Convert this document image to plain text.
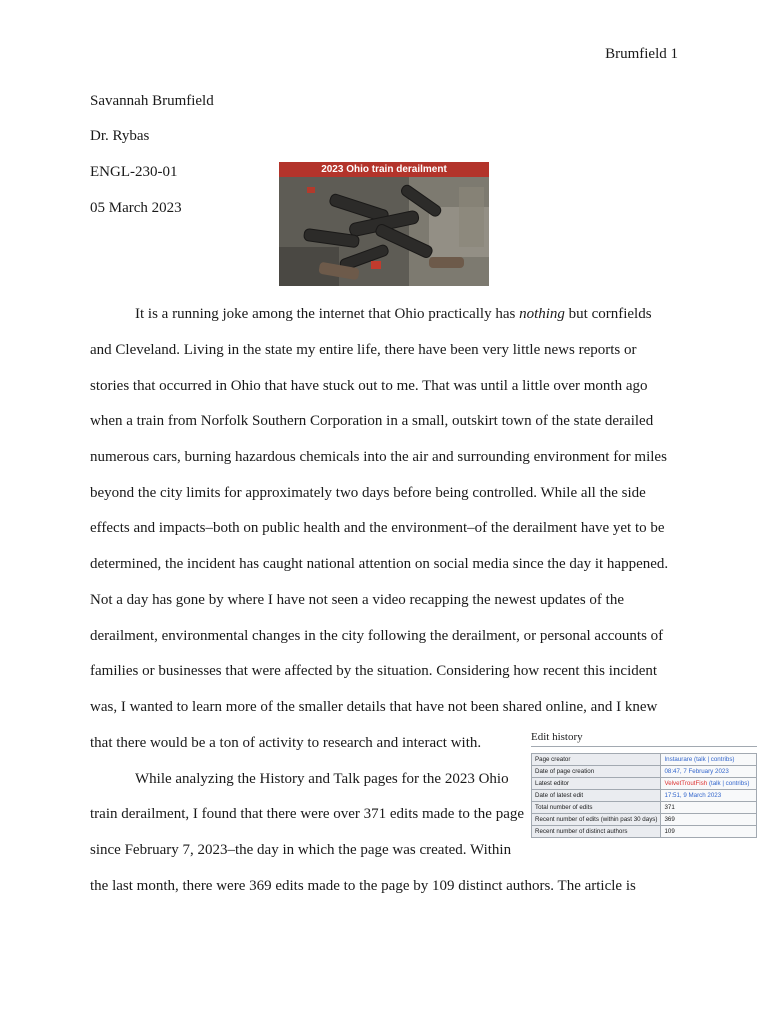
Brumfield 1
Savannah Brumfield
Dr. Rybas
ENGL-230-01
05 March 2023
2023 Ohio train derailment
It is a running joke among the internet that Ohio practically has nothing but cornfields
and Cleveland. Living in the state my entire life, there have been very little news reports or
stories that occurred in Ohio that have stuck out to me. That was until a little over month ago
when a train from Norfolk Southern Corporation in a small, outskirt town of the state derailed
numerous cars, burning hazardous chemicals into the air and surrounding environment for miles
beyond the city limits for approximately two days before being controlled. While all the side
effects and impacts–both on public health and the environment–of the derailment have yet to be
determined, the incident has caught national attention on social media since the day it happened.
Not a day has gone by where I have not seen a video recapping the newest updates of the
derailment, environmental changes in the city following the derailment, or personal accounts of
families or businesses that were affected by the situation. Considering how recent this incident
was, I wanted to learn more of the smaller details that have not been shared online, and I knew
that there would be a ton of activity to research and interact with.
While analyzing the History and Talk pages for the 2023 Ohio
train derailment, I found that there were over 371 edits made to the page
since February 7, 2023–the day in which the page was created. Within
the last month, there were 369 edits made to the page by 109 distinct authors. The article is
Edit history
Page creator	Instaurare (talk | contribs)
Date of page creation	08:47, 7 February 2023
Latest editor	VelvetTroutFish (talk | contribs)
Date of latest edit	17:51, 9 March 2023
Total number of edits	371
Recent number of edits (within past 30 days)	369
Recent number of distinct authors	109
